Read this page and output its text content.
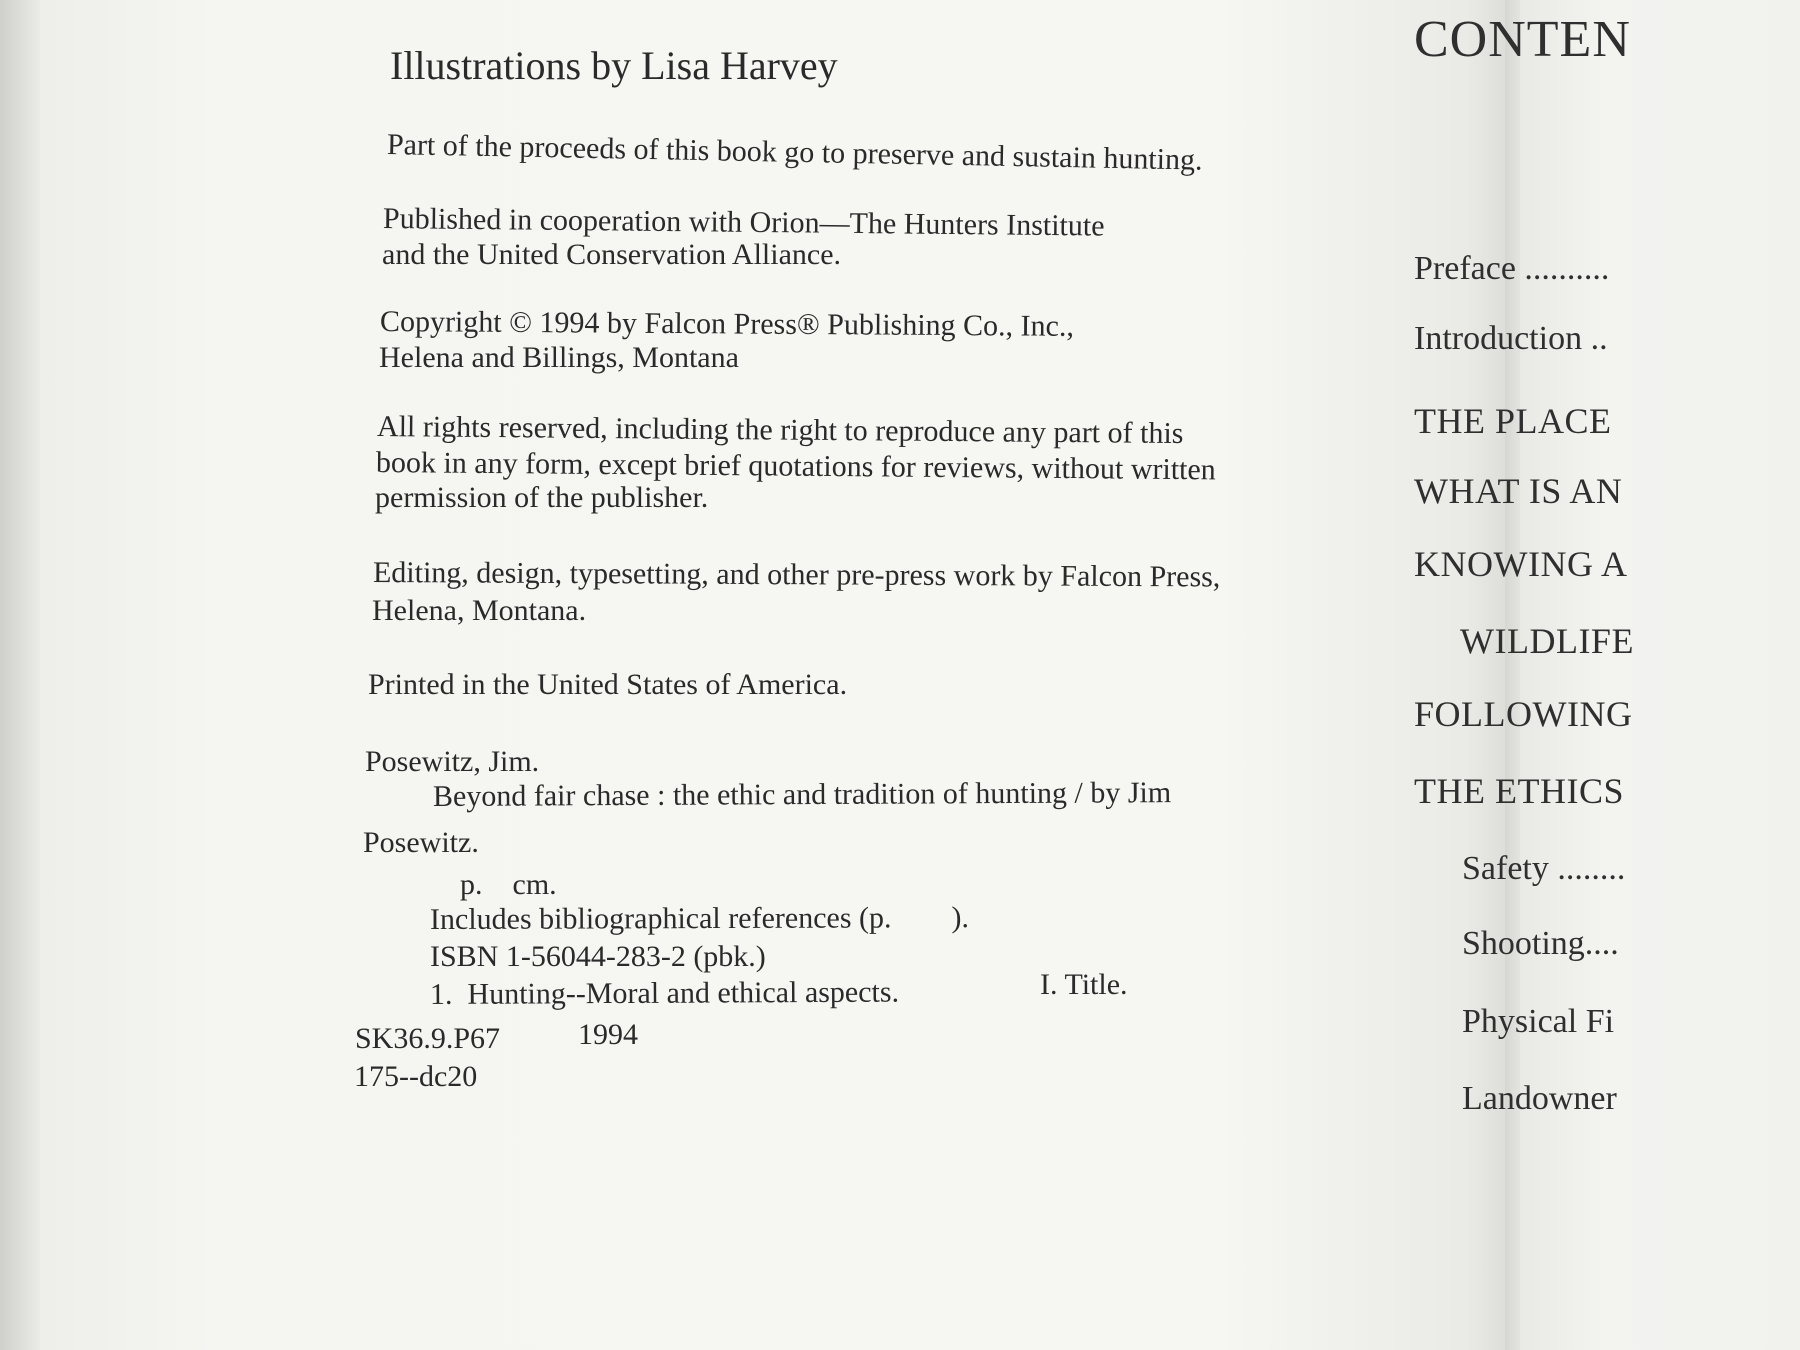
Illustrations by Lisa Harvey
Part of the proceeds of this book go to preserve and sustain hunting.
Published in cooperation with Orion—The Hunters Institute
and the United Conservation Alliance.
Copyright © 1994 by Falcon Press® Publishing Co., Inc.,
Helena and Billings, Montana
All rights reserved, including the right to reproduce any part of this
book in any form, except brief quotations for reviews, without written
permission of the publisher.
Editing, design, typesetting, and other pre-press work by Falcon Press,
Helena, Montana.
Printed in the United States of America.
Posewitz, Jim.
Beyond fair chase : the ethic and tradition of hunting / by Jim
Posewitz.
p.    cm.
Includes bibliographical references (p.        ).
ISBN 1-56044-283-2 (pbk.)
1.  Hunting--Moral and ethical aspects.	I. Title.
SK36.9.P67	1994
175--dc20
CONTEN
Preface ..........
Introduction ..
THE PLACE
WHAT IS AN
KNOWING A
WILDLIFE
FOLLOWING
THE ETHICS
Safety ........
Shooting....
Physical Fi
Landowner
